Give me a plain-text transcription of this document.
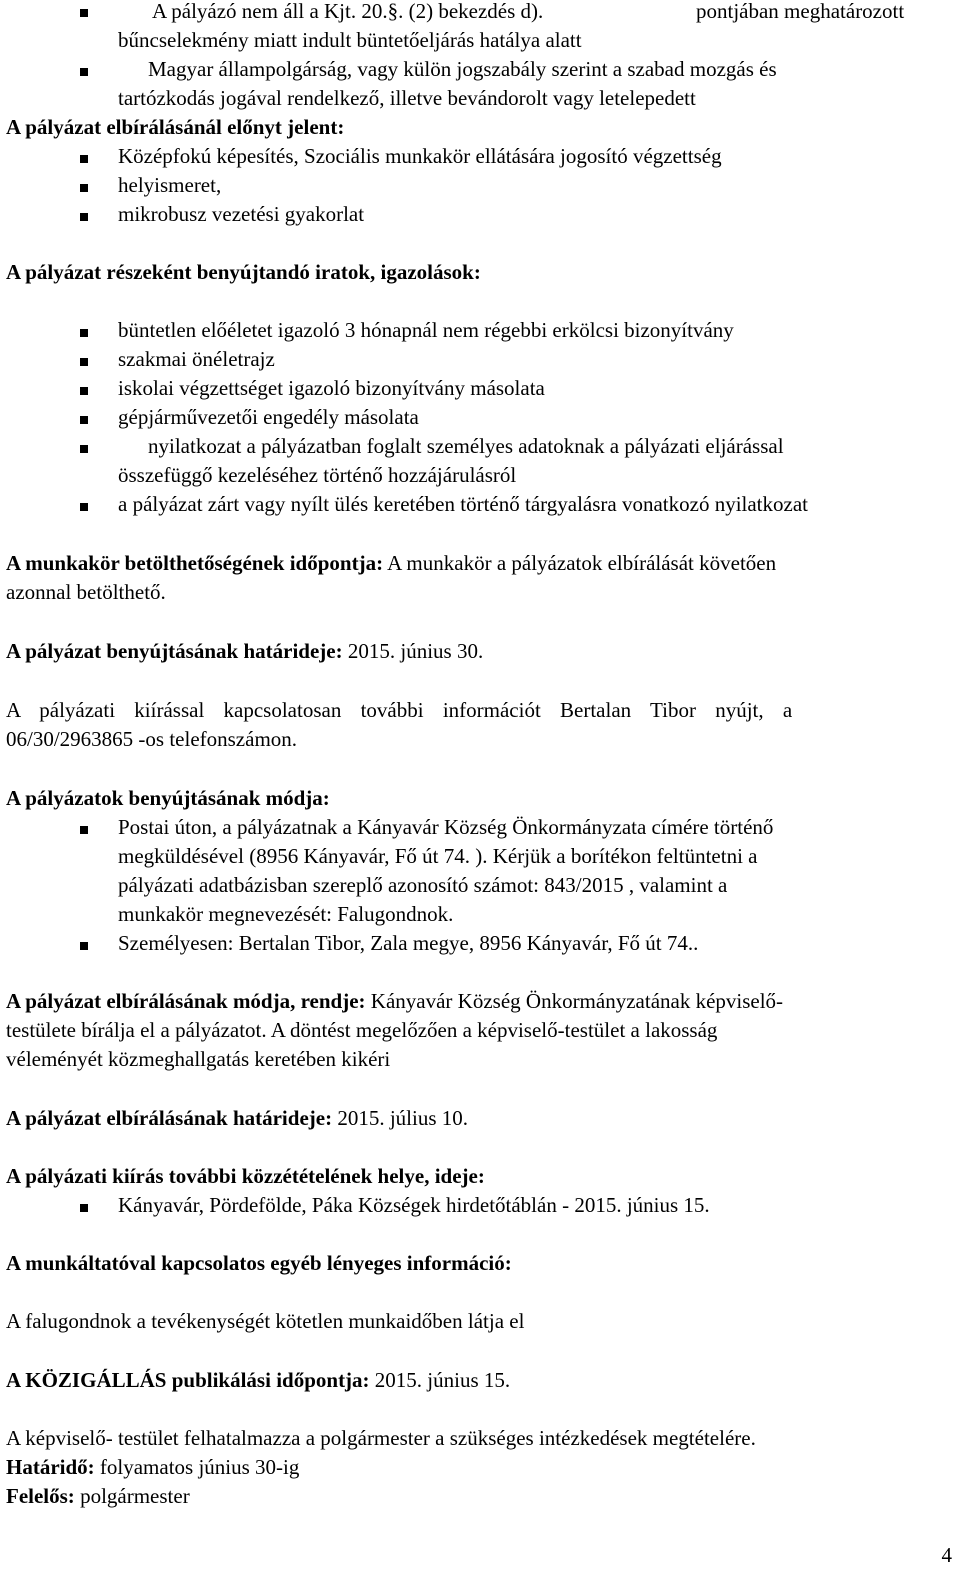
A pályázó nem áll a Kjt. 20.§. (2) bekezdés d).	pontjában meghatározott
bűncselekmény miatt indult büntetőeljárás hatálya alatt
Magyar állampolgárság, vagy külön jogszabály szerint a szabad mozgás és
tartózkodás jogával rendelkező, illetve bevándorolt vagy letelepedett
A pályázat elbírálásánál előnyt jelent:
Középfokú képesítés, Szociális munkakör ellátására jogosító végzettség
helyismeret,
mikrobusz vezetési gyakorlat
A pályázat részeként benyújtandó iratok, igazolások:
büntetlen előéletet igazoló 3 hónapnál nem régebbi erkölcsi bizonyítvány
szakmai önéletrajz
iskolai végzettséget igazoló bizonyítvány másolata
gépjárművezetői engedély másolata
nyilatkozat a pályázatban foglalt személyes adatoknak a pályázati eljárással
összefüggő kezeléséhez történő hozzájárulásról
a pályázat zárt vagy nyílt ülés keretében történő tárgyalásra vonatkozó nyilatkozat
A munkakör betölthetőségének időpontja: A munkakör a pályázatok elbírálását követően
azonnal betölthető.
A pályázat benyújtásának határideje: 2015. június 30.
A pályázati kiírással kapcsolatosan további információt Bertalan Tibor nyújt, a
06/30/2963865 -os telefonszámon.
A pályázatok benyújtásának módja:
Postai úton, a pályázatnak a Kányavár Község Önkormányzata címére történő
megküldésével (8956 Kányavár, Fő út 74. ). Kérjük a borítékon feltüntetni a
pályázati adatbázisban szereplő azonosító számot: 843/2015 , valamint a
munkakör megnevezését: Falugondnok.
Személyesen: Bertalan Tibor, Zala megye, 8956 Kányavár, Fő út 74..
A pályázat elbírálásának módja, rendje: Kányavár Község Önkormányzatának képviselő-
testülete bírálja el a pályázatot. A döntést megelőzően a képviselő-testület a lakosság
véleményét közmeghallgatás keretében kikéri
A pályázat elbírálásának határideje: 2015. július 10.
A pályázati kiírás további közzétételének helye, ideje:
Kányavár, Pördefölde, Páka Községek hirdetőtáblán - 2015. június 15.
A munkáltatóval kapcsolatos egyéb lényeges információ:
A falugondnok a tevékenységét kötetlen munkaidőben látja el
A KÖZIGÁLLÁS publikálási időpontja: 2015. június 15.
A képviselő- testület felhatalmazza a polgármester a szükséges intézkedések megtételére.
Határidő: folyamatos június 30-ig
Felelős: polgármester
4
